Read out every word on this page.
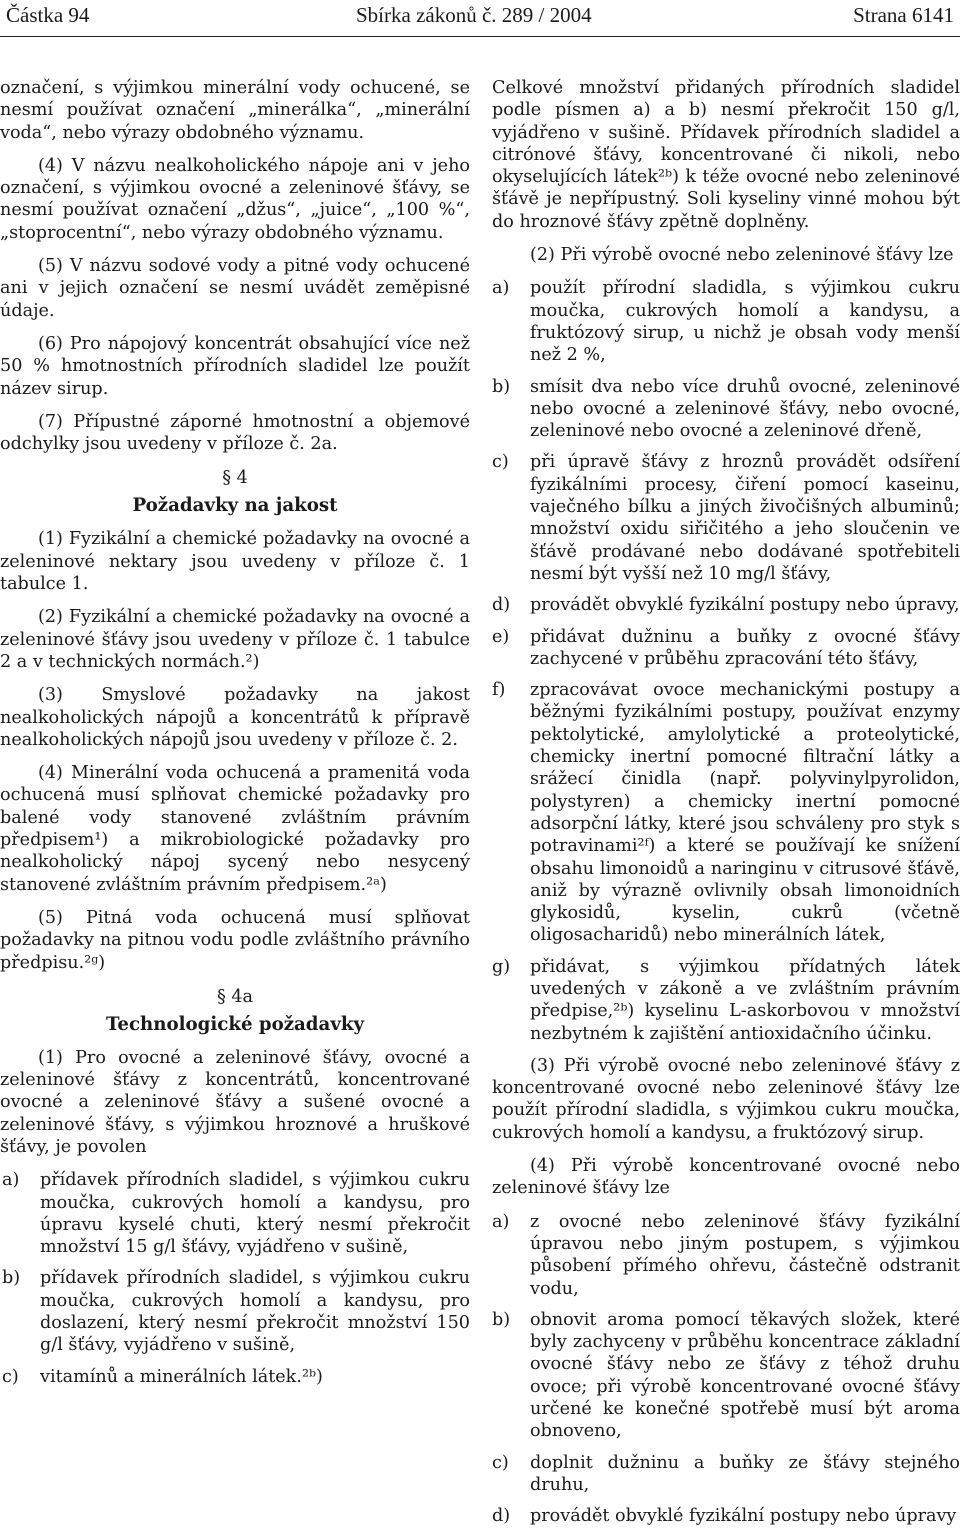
Částka 94	Sbírka zákonů č. 289 / 2004	Strana 6141

označení, s výjimkou minerální vody ochucené, se nesmí používat označení „minerálka“, „minerální voda“, nebo výrazy obdobného významu.

(4) V názvu nealkoholického nápoje ani v jeho označení, s výjimkou ovocné a zeleninové šťávy, se nesmí používat označení „džus“, „juice“, „100 %“, „stoprocentní“, nebo výrazy obdobného významu.

(5) V názvu sodové vody a pitné vody ochucené ani v jejich označení se nesmí uvádět zeměpisné údaje.

(6) Pro nápojový koncentrát obsahující více než 50 % hmotnostních přírodních sladidel lze použít název sirup.

(7) Přípustné záporné hmotnostní a objemové odchylky jsou uvedeny v příloze č. 2a.

§ 4
Požadavky na jakost

(1) Fyzikální a chemické požadavky na ovocné a zeleninové nektary jsou uvedeny v příloze č. 1 tabulce 1.

(2) Fyzikální a chemické požadavky na ovocné a zeleninové šťávy jsou uvedeny v příloze č. 1 tabulce 2 a v technických normách.²)

(3) Smyslové požadavky na jakost nealkoholických nápojů a koncentrátů k přípravě nealkoholických nápojů jsou uvedeny v příloze č. 2.

(4) Minerální voda ochucená a pramenitá voda ochucená musí splňovat chemické požadavky pro balené vody stanovené zvláštním právním předpisem¹) a mikrobiologické požadavky pro nealkoholický nápoj sycený nebo nesycený stanovené zvláštním právním předpisem.²ᵃ)

(5) Pitná voda ochucená musí splňovat požadavky na pitnou vodu podle zvláštního právního předpisu.²ᵍ)

§ 4a
Technologické požadavky

(1) Pro ovocné a zeleninové šťávy, ovocné a zeleninové šťávy z koncentrátů, koncentrované ovocné a zeleninové šťávy a sušené ovocné a zeleninové šťávy, s výjimkou hroznové a hruškové šťávy, je povolen

a)	přídavek přírodních sladidel, s výjimkou cukru moučka, cukrových homolí a kandysu, pro úpravu kyselé chuti, který nesmí překročit množství 15 g/l šťávy, vyjádřeno v sušině,
b)	přídavek přírodních sladidel, s výjimkou cukru moučka, cukrových homolí a kandysu, pro doslazení, který nesmí překročit množství 150 g/l šťávy, vyjádřeno v sušině,
c)	vitamínů a minerálních látek.²ᵇ)

Celkové množství přidaných přírodních sladidel podle písmen a) a b) nesmí překročit 150 g/l, vyjádřeno v sušině. Přídavek přírodních sladidel a citrónové šťávy, koncentrované či nikoli, nebo okyselujících látek²ᵇ) k téže ovocné nebo zeleninové šťávě je nepřípustný. Soli kyseliny vinné mohou být do hroznové šťávy zpětně doplněny.

(2) Při výrobě ovocné nebo zeleninové šťávy lze

a)	použít přírodní sladidla, s výjimkou cukru moučka, cukrových homolí a kandysu, a fruktózový sirup, u nichž je obsah vody menší než 2 %,
b)	smísit dva nebo více druhů ovocné, zeleninové nebo ovocné a zeleninové šťávy, nebo ovocné, zeleninové nebo ovocné a zeleninové dřeně,
c)	při úpravě šťávy z hroznů provádět odsíření fyzikálními procesy, čiření pomocí kaseinu, vaječného bílku a jiných živočišných albuminů; množství oxidu siřičitého a jeho sloučenin ve šťávě prodávané nebo dodávané spotřebiteli nesmí být vyšší než 10 mg/l šťávy,
d)	provádět obvyklé fyzikální postupy nebo úpravy,
e)	přidávat dužninu a buňky z ovocné šťávy zachycené v průběhu zpracování této šťávy,
f)	zpracovávat ovoce mechanickými postupy a běžnými fyzikálními postupy, používat enzymy pektolytické, amylolytické a proteolytické, chemicky inertní pomocné filtrační látky a srážecí činidla (např. polyvinylpyrolidon, polystyren) a chemicky inertní pomocné adsorpční látky, které jsou schváleny pro styk s potravinami²ᶠ) a které se používají ke snížení obsahu limonoidů a naringinu v citrusové šťávě, aniž by výrazně ovlivnily obsah limonoidních glykosidů, kyselin, cukrů (včetně oligosacharidů) nebo minerálních látek,
g)	přidávat, s výjimkou přídatných látek uvedených v zákoně a ve zvláštním právním předpise,²ᵇ) kyselinu L-askorbovou v množství nezbytném k zajištění antioxidačního účinku.

(3) Při výrobě ovocné nebo zeleninové šťávy z koncentrované ovocné nebo zeleninové šťávy lze použít přírodní sladidla, s výjimkou cukru moučka, cukrových homolí a kandysu, a fruktózový sirup.

(4) Při výrobě koncentrované ovocné nebo zeleninové šťávy lze

a)	z ovocné nebo zeleninové šťávy fyzikální úpravou nebo jiným postupem, s výjimkou působení přímého ohřevu, částečně odstranit vodu,
b)	obnovit aroma pomocí těkavých složek, které byly zachyceny v průběhu koncentrace základní ovocné šťávy nebo ze šťávy z téhož druhu ovoce; při výrobě koncentrované ovocné šťávy určené ke konečné spotřebě musí být aroma obnoveno,
c)	doplnit dužninu a buňky ze šťávy stejného druhu,
d)	provádět obvyklé fyzikální postupy nebo úpravy
